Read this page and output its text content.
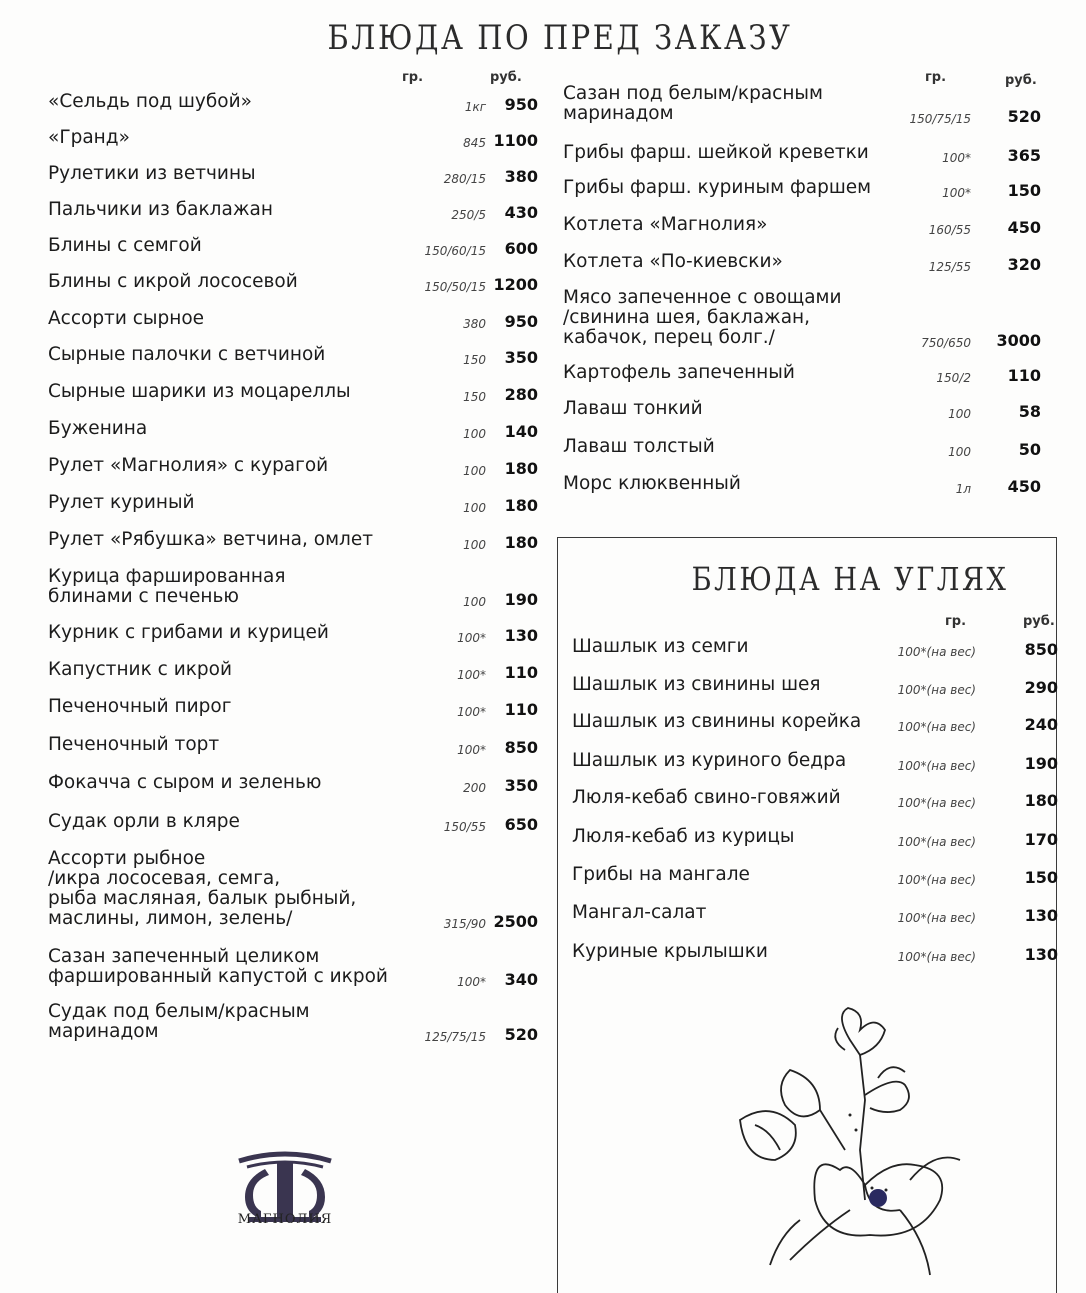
БЛЮДА ПО ПРЕД ЗАКАЗУ
гр.	руб.	гр.	руб.
«Сельдь под шубой»	1кг 950
«Гранд»	845 1100
Рулетики из ветчины	280/15 380
Пальчики из баклажан	250/5 430
Блины с семгой	150/60/15 600
Блины с икрой лососевой	150/50/15 1200
Ассорти сырное	380 950
Сырные палочки с ветчиной	150 350
Сырные шарики из моцареллы	150 280
Буженина	100 140
Рулет «Магнолия» с курагой	100 180
Рулет куриный	100 180
Рулет «Рябушка» ветчина, омлет	100 180
Курица фаршированная
блинами с печенью	100 190
Курник с грибами и курицей	100* 130
Капустник с икрой	100* 110
Печеночный пирог	100* 110
Печеночный торт	100* 850
Фокачча с сыром и зеленью	200 350
Судак орли в кляре	150/55 650
Ассорти рыбное
/икра лососевая, семга,
рыба масляная, балык рыбный,
маслины, лимон, зелень/	315/90 2500
Сазан запеченный целиком
фаршированный капустой с икрой	100* 340
Судак под белым/красным
маринадом	125/75/15 520
Сазан под белым/красным
маринадом	150/75/15 520
Грибы фарш. шейкой креветки	100* 365
Грибы фарш. куриным фаршем	100* 150
Котлета «Магнолия»	160/55 450
Котлета «По-киевски»	125/55 320
Мясо запеченное с овощами
/свинина шея, баклажан,
кабачок, перец болг./	750/650 3000
Картофель запеченный	150/2 110
Лаваш тонкий	100	58
Лаваш толстый	100	50
Морс клюквенный	1л 450
БЛЮДА НА УГЛЯХ
гр.	руб.
Шашлык из семги	100*(на вес)	850
Шашлык из свинины шея	100*(на вес)	290
Шашлык из свинины корейка	100*(на вес)	240
Шашлык из куриного бедра	100*(на вес)	190
Люля-кебаб свино-говяжий	100*(на вес)	180
Люля-кебаб из курицы	100*(на вес)	170
Грибы на мангале	100*(на вес)	150
Мангал-салат	100*(на вес)	130
Куриные крылышки	100*(на вес)	130
МАГНОЛИЯ
